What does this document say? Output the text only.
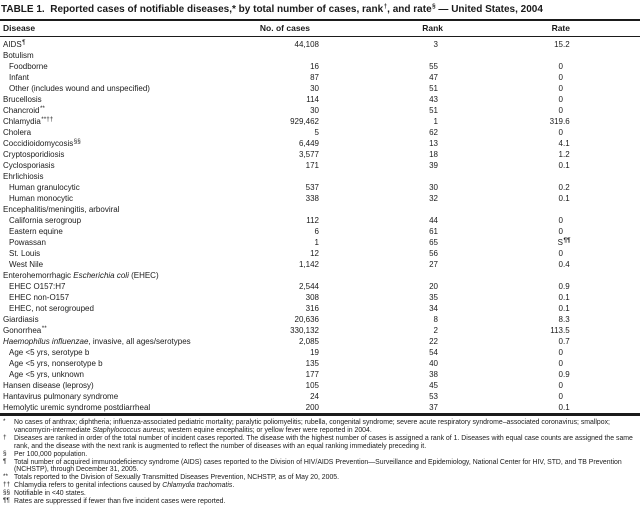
TABLE 1.  Reported cases of notifiable diseases,* by total number of cases, rank†, and rate§ — United States, 2004
Disease	No. of cases	Rank	Rate
AIDS¶	44,108	3	15 .2
Botulism
Foodborne	16	55	0
Infant	87	47	0
Other (includes wound and unspecified)	30	51	0
Brucellosis	114	43	0
Chancroid**	30	51	0
Chlamydia**††	929,462	1	319 .6
Cholera	5	62	0
Coccidioidomycosis§§	6,449	13	4 .1
Cryptosporidiosis	3,577	18	1 .2
Cyclosporiasis	171	39	0 .1
Ehrlichiosis
Human granulocytic	537	30	0 .2
Human monocytic	338	32	0 .1
Encephalitis/meningitis, arboviral
California serogroup	112	44	0
Eastern equine	6	61	0
Powassan	1	65	S ¶¶
St. Louis	12	56	0
West Nile	1,142	27	0 .4
Enterohemorrhagic Escherichia coli (EHEC)
EHEC O157:H7	2,544	20	0 .9
EHEC non-O157	308	35	0 .1
EHEC, not serogrouped	316	34	0 .1
Giardiasis	20,636	8	8 .3
Gonorrhea**	330,132	2	113 .5
Haemophilus influenzae, invasive, all ages/serotypes	2,085	22	0 .7
Age <5 yrs, serotype b	19	54	0
Age <5 yrs, nonserotype b	135	40	0
Age <5 yrs, unknown	177	38	0 .9
Hansen disease (leprosy)	105	45	0
Hantavirus pulmonary syndrome	24	53	0
Hemolytic uremic syndrome postdiarrheal	200	37	0 .1
*	No cases of anthrax; diphtheria; influenza-associated pediatric mortality; paralytic poliomyelitis; rubella, congenital syndrome; severe acute respiratory syndrome–associated coronavirus; smallpox; vancomycin-intermediate Staphylococcus aureus; western equine encephalitis; or yellow fever were reported in 2004.
†	Diseases are ranked in order of the total number of incident cases reported. The disease with the highest number of cases is assigned a rank of 1. Diseases with equal case counts are assigned the same rank, and the disease with the next rank is augmented to reflect the number of diseases with an equal ranking immediately preceding it.
§	Per 100,000 population.
¶	Total number of acquired immunodeficiency syndrome (AIDS) cases reported to the Division of HIV/AIDS Prevention—Surveillance and Epidemiology, National Center for HIV, STD, and TB Prevention (NCHSTP), through December 31, 2005.
** Totals reported to the Division of Sexually Transmitted Diseases Prevention, NCHSTP, as of May 20, 2005.
†† Chlamydia refers to genital infections caused by Chlamydia trachomatis.
§§ Notifiable in <40 states.
¶¶ Rates are suppressed if fewer than five incident cases were reported.
